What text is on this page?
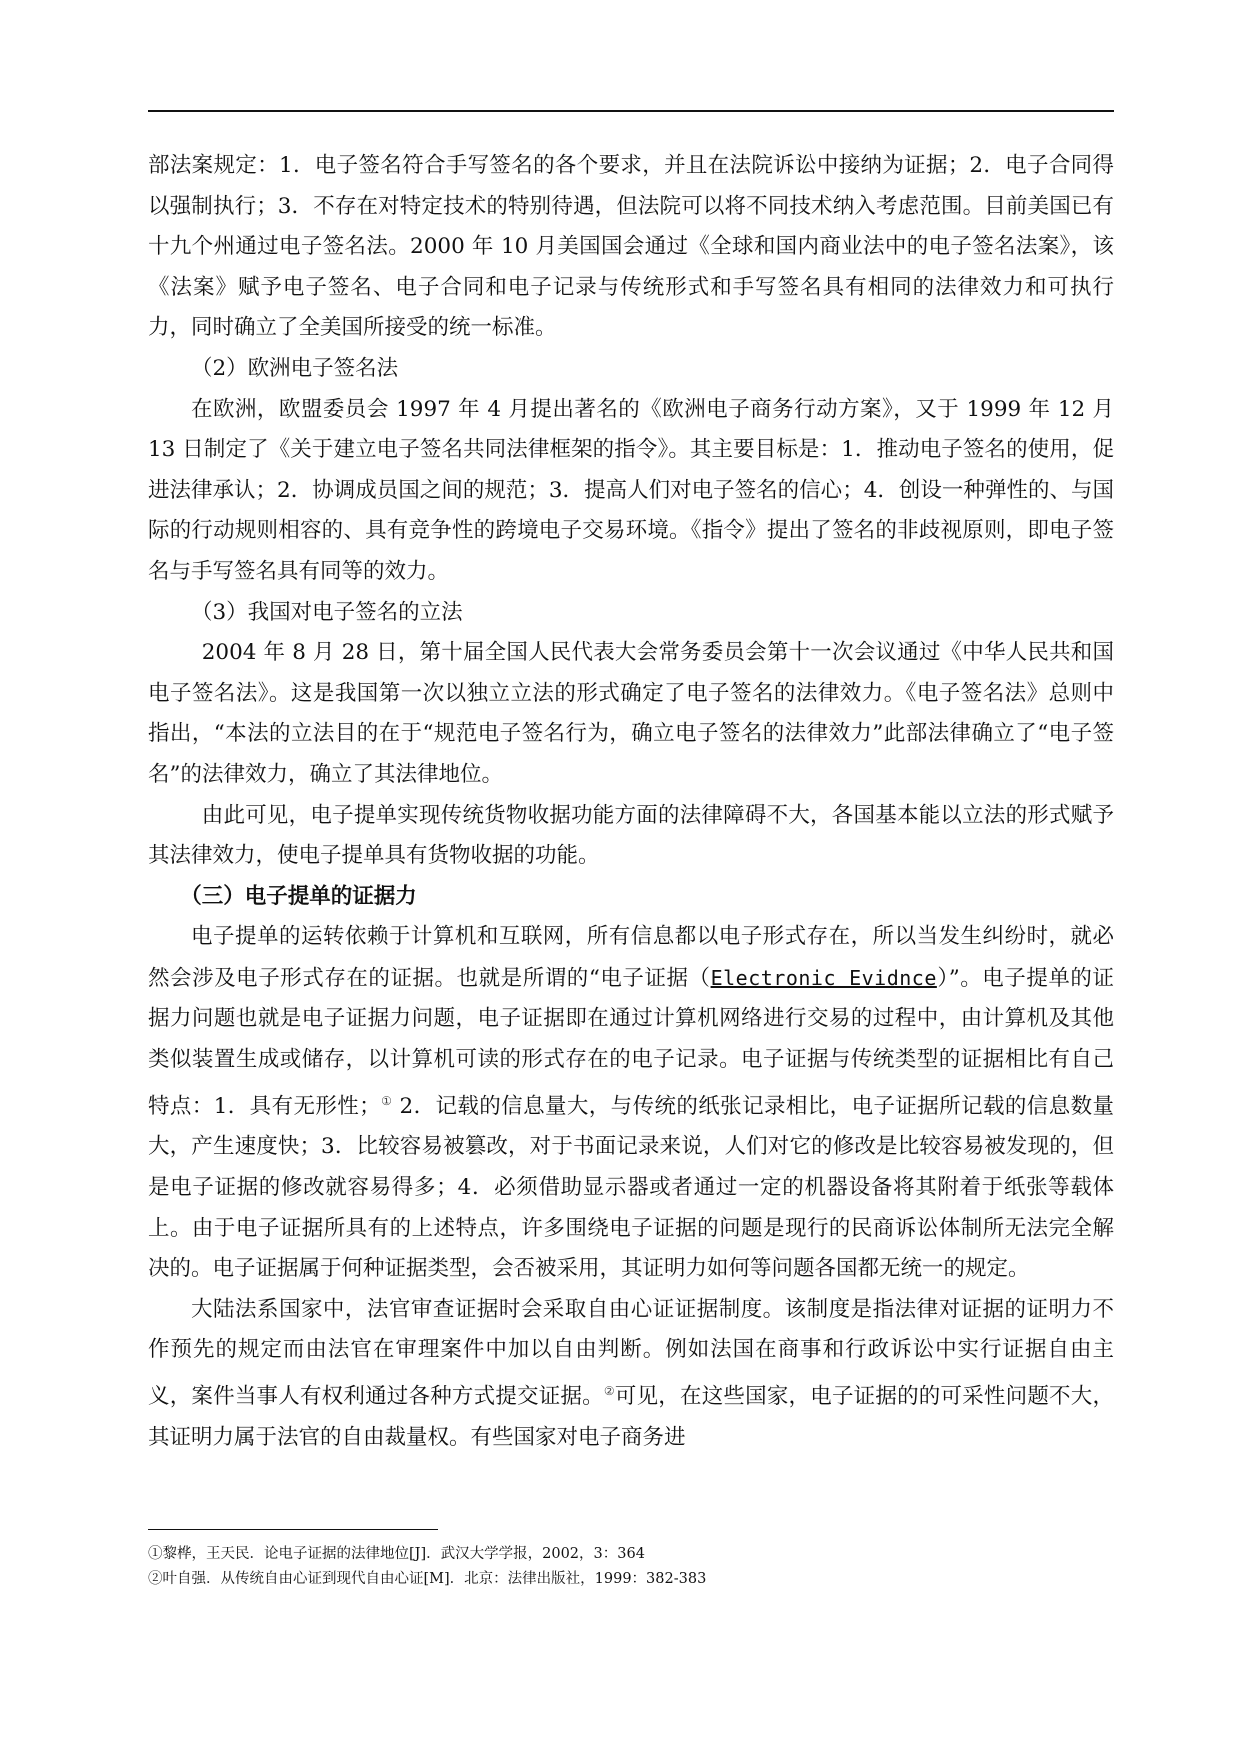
部法案规定：1．电子签名符合手写签名的各个要求，并且在法院诉讼中接纳为证据；2．电子合同得以强制执行；3．不存在对特定技术的特别待遇，但法院可以将不同技术纳入考虑范围。目前美国已有十九个州通过电子签名法。2000 年 10 月美国国会通过《全球和国内商业法中的电子签名法案》，该《法案》赋予电子签名、电子合同和电子记录与传统形式和手写签名具有相同的法律效力和可执行力，同时确立了全美国所接受的统一标准。

（2）欧洲电子签名法

在欧洲，欧盟委员会 1997 年 4 月提出著名的《欧洲电子商务行动方案》，又于 1999 年 12 月 13 日制定了《关于建立电子签名共同法律框架的指令》。其主要目标是：1．推动电子签名的使用，促进法律承认；2．协调成员国之间的规范；3．提高人们对电子签名的信心；4．创设一种弹性的、与国际的行动规则相容的、具有竞争性的跨境电子交易环境。《指令》提出了签名的非歧视原则，即电子签名与手写签名具有同等的效力。

（3）我国对电子签名的立法

2004 年 8 月 28 日，第十届全国人民代表大会常务委员会第十一次会议通过《中华人民共和国电子签名法》。这是我国第一次以独立立法的形式确定了电子签名的法律效力。《电子签名法》总则中指出，“本法的立法目的在于“规范电子签名行为，确立电子签名的法律效力”此部法律确立了“电子签名”的法律效力，确立了其法律地位。

由此可见，电子提单实现传统货物收据功能方面的法律障碍不大，各国基本能以立法的形式赋予其法律效力，使电子提单具有货物收据的功能。

（三）电子提单的证据力

电子提单的运转依赖于计算机和互联网，所有信息都以电子形式存在，所以当发生纠纷时，就必然会涉及电子形式存在的证据。也就是所谓的“电子证据（Electronic Evidnce）”。电子提单的证据力问题也就是电子证据力问题，电子证据即在通过计算机网络进行交易的过程中，由计算机及其他类似装置生成或储存，以计算机可读的形式存在的电子记录。电子证据与传统类型的证据相比有自己特点：1．具有无形性；① 2．记载的信息量大，与传统的纸张记录相比，电子证据所记载的信息数量大，产生速度快；3．比较容易被篡改，对于书面记录来说，人们对它的修改是比较容易被发现的，但是电子证据的修改就容易得多；4．必须借助显示器或者通过一定的机器设备将其附着于纸张等载体上。由于电子证据所具有的上述特点，许多围绕电子证据的问题是现行的民商诉讼体制所无法完全解决的。电子证据属于何种证据类型，会否被采用，其证明力如何等问题各国都无统一的规定。

大陆法系国家中，法官审查证据时会采取自由心证证据制度。该制度是指法律对证据的证明力不作预先的规定而由法官在审理案件中加以自由判断。例如法国在商事和行政诉讼中实行证据自由主义，案件当事人有权利通过各种方式提交证据。②可见，在这些国家，电子证据的的可采性问题不大，其证明力属于法官的自由裁量权。有些国家对电子商务进

①黎桦，王天民．论电子证据的法律地位[J]．武汉大学学报，2002，3：364
②叶自强．从传统自由心证到现代自由心证[M]．北京：法律出版社，1999：382-383
